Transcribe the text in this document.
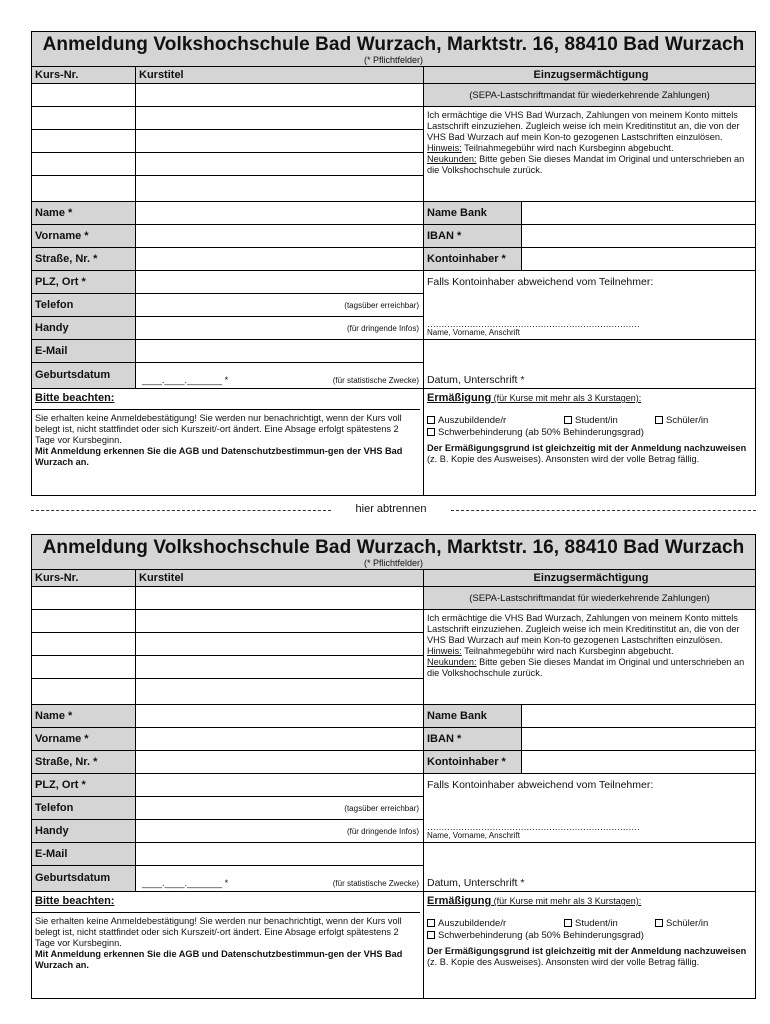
Anmeldung Volkshochschule Bad Wurzach, Marktstr. 16, 88410 Bad Wurzach
(* Pflichtfelder)
Kurs-Nr.	Kurstitel	Einzugsermächtigung
(SEPA-Lastschriftmandat für wiederkehrende Zahlungen)
Ich ermächtige die VHS Bad Wurzach, Zahlungen von meinem Konto mittels Lastschrift einzuziehen. Zugleich weise ich mein Kreditinstitut an, die von der VHS Bad Wurzach auf mein Kon-to gezogenen Lastschriften einzulösen.
Hinweis: Teilnahmegebühr wird nach Kursbeginn abgebucht.
Neukunden: Bitte geben Sie dieses Mandat im Original und unterschrieben an die Volkshochschule zurück.
Name *
Vorname *
Straße, Nr. *
PLZ, Ort *
Telefon	(tagsüber erreichbar)
Handy	(für dringende Infos)
E-Mail
Geburtsdatum	____.____._______ *	(für statistische Zwecke)
Name Bank
IBAN *
Kontoinhaber *
Falls Kontoinhaber abweichend vom Teilnehmer:
…………………………………………………………………
Name, Vorname, Anschrift
Datum, Unterschrift *
Bitte beachten:
Sie erhalten keine Anmeldebestätigung! Sie werden nur benachrichtigt, wenn der Kurs voll belegt ist, nicht stattfindet oder sich Kurszeit/-ort ändert. Eine Absage erfolgt spätestens 2 Tage vor Kursbeginn.
Mit Anmeldung erkennen Sie die AGB und Datenschutzbestimmun-gen der VHS Bad Wurzach an.
Ermäßigung (für Kurse mit mehr als 3 Kurstagen):
Auszubildende/r	Student/in	Schüler/in
Schwerbehinderung (ab 50% Behinderungsgrad)
Der Ermäßigungsgrund ist gleichzeitig mit der Anmeldung nachzuweisen (z. B. Kopie des Ausweises). Ansonsten wird der volle Betrag fällig.
hier abtrennen
Anmeldung Volkshochschule Bad Wurzach, Marktstr. 16, 88410 Bad Wurzach
(* Pflichtfelder)
Kurs-Nr.	Kurstitel	Einzugsermächtigung
(SEPA-Lastschriftmandat für wiederkehrende Zahlungen)
Ich ermächtige die VHS Bad Wurzach, Zahlungen von meinem Konto mittels Lastschrift einzuziehen. Zugleich weise ich mein Kreditinstitut an, die von der VHS Bad Wurzach auf mein Kon-to gezogenen Lastschriften einzulösen.
Hinweis: Teilnahmegebühr wird nach Kursbeginn abgebucht.
Neukunden: Bitte geben Sie dieses Mandat im Original und unterschrieben an die Volkshochschule zurück.
Name *
Vorname *
Straße, Nr. *
PLZ, Ort *
Telefon	(tagsüber erreichbar)
Handy	(für dringende Infos)
E-Mail
Geburtsdatum	____.____._______ *	(für statistische Zwecke)
Name Bank
IBAN *
Kontoinhaber *
Falls Kontoinhaber abweichend vom Teilnehmer:
…………………………………………………………………
Name, Vorname, Anschrift
Datum, Unterschrift *
Bitte beachten:
Sie erhalten keine Anmeldebestätigung! Sie werden nur benachrichtigt, wenn der Kurs voll belegt ist, nicht stattfindet oder sich Kurszeit/-ort ändert. Eine Absage erfolgt spätestens 2 Tage vor Kursbeginn.
Mit Anmeldung erkennen Sie die AGB und Datenschutzbestimmun-gen der VHS Bad Wurzach an.
Ermäßigung (für Kurse mit mehr als 3 Kurstagen):
Auszubildende/r	Student/in	Schüler/in
Schwerbehinderung (ab 50% Behinderungsgrad)
Der Ermäßigungsgrund ist gleichzeitig mit der Anmeldung nachzuweisen (z. B. Kopie des Ausweises). Ansonsten wird der volle Betrag fällig.
